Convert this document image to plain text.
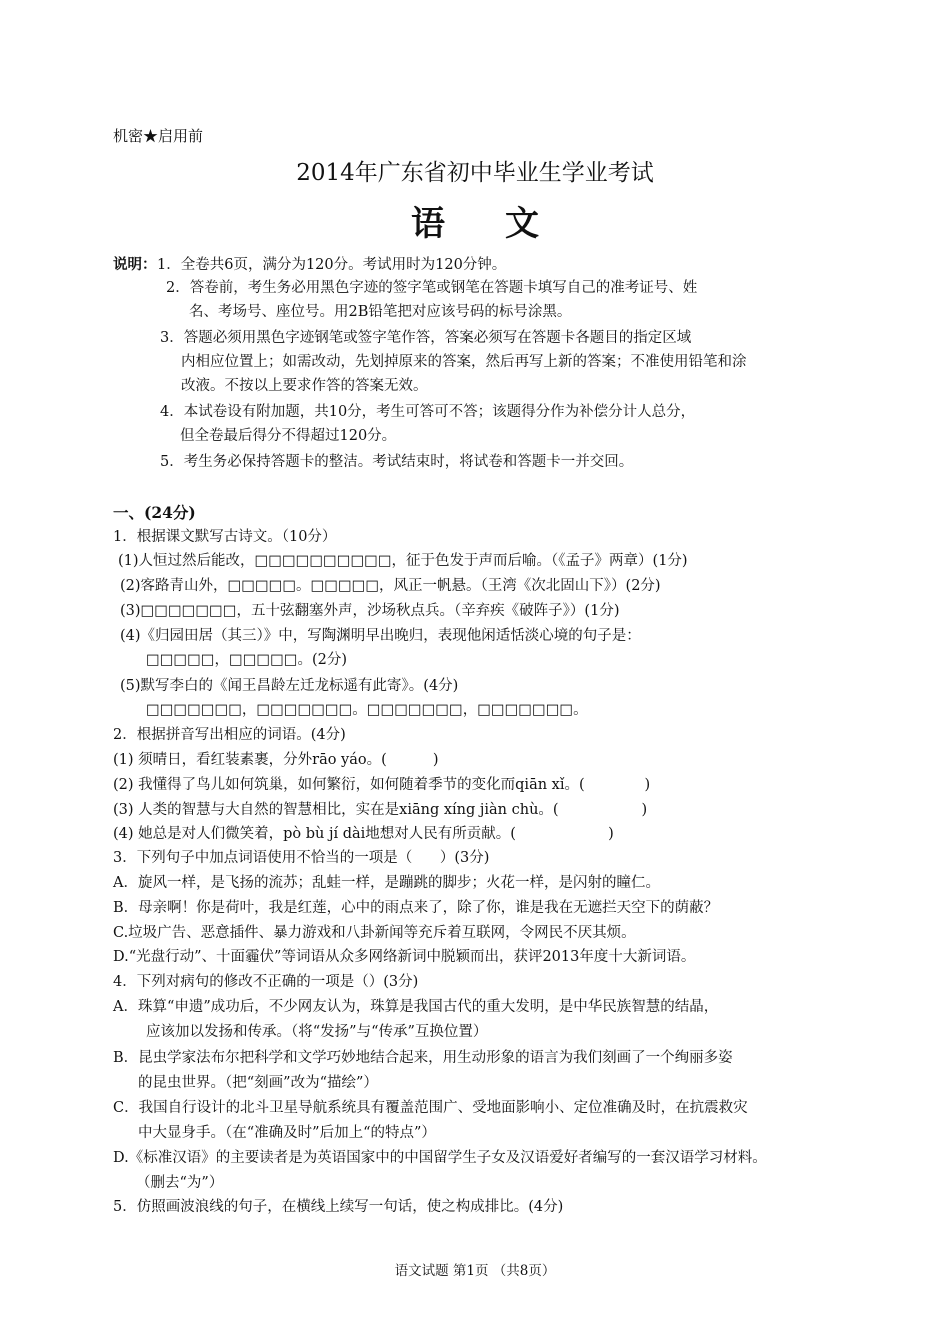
机密★启用前
2014年广东省初中毕业生学业考试
语文
说明： 1．全卷共6页，满分为120分。考试用时为120分钟。
2．答卷前，考生务必用黑色字迹的签字笔或钢笔在答题卡填写自己的准考证号、姓
名、考场号、座位号。用2B铅笔把对应该号码的标号涂黑。
3．答题必须用黑色字迹钢笔或签字笔作答，答案必须写在答题卡各题目的指定区域
内相应位置上；如需改动，先划掉原来的答案，然后再写上新的答案；不准使用铅笔和涂
改液。不按以上要求作答的答案无效。
4．本试卷设有附加题，共10分，考生可答可不答；该题得分作为补偿分计人总分，
但全卷最后得分不得超过120分。
5．考生务必保持答题卡的整洁。考试结束时，将试卷和答题卡一并交回。
一、(24分)
1．根据课文默写古诗文。（10分）
(1)人恒过然后能改，□□□□□□□□□□，征于色发于声而后喻。（《孟子》两章）(1分)
(2)客路青山外，□□□□□。□□□□□，风正一帆悬。（王湾《次北固山下》）(2分)
(3)□□□□□□□，五十弦翻塞外声，沙场秋点兵。（辛弃疾《破阵子》）(1分)
(4)《归园田居（其三）》中，写陶渊明早出晚归，表现他闲适恬淡心境的句子是：
□□□□□，□□□□□。(2分)
(5)默写李白的《闻王昌龄左迁龙标遥有此寄》。(4分)
□□□□□□□，□□□□□□□。□□□□□□□，□□□□□□□。
2．根据拼音写出相应的词语。(4分)
(1) 须晴日，看红装素裹，分外rāo yáo。(          )
(2) 我懂得了鸟儿如何筑巢，如何繁衍，如何随着季节的变化而qiān xǐ。(             )
(3) 人类的智慧与大自然的智慧相比，实在是xiāng xíng jiàn chù。(                  )
(4) 她总是对人们微笑着，pò bù jí dài地想对人民有所贡献。(                    )
3．下列句子中加点词语使用不恰当的一项是（      ）(3分)
A．旋风一样，是飞扬的流苏；乱蛙一样，是蹦跳的脚步；火花一样，是闪射的瞳仁。
B．母亲啊！你是荷叶，我是红莲，心中的雨点来了，除了你，谁是我在无遮拦天空下的荫蔽？
C.垃圾广告、恶意插件、暴力游戏和八卦新闻等充斥着互联网，令网民不厌其烦。
D.“光盘行动”、十面霾伏”等词语从众多网络新词中脱颖而出，获评2013年度十大新词语。
4．下列对病句的修改不正确的一项是（）(3分)
A．珠算“申遗”成功后，不少网友认为，珠算是我国古代的重大发明，是中华民族智慧的结晶，
应该加以发扬和传承。（将“发扬”与“传承”互换位置）
B．昆虫学家法布尔把科学和文学巧妙地结合起来，用生动形象的语言为我们刻画了一个绚丽多姿
的昆虫世界。（把“刻画”改为“描绘”）
C．我国自行设计的北斗卫星导航系统具有覆盖范围广、受地面影响小、定位准确及时，在抗震救灾
中大显身手。（在“准确及时”后加上“的特点”）
D.《标准汉语》的主要读者是为英语国家中的中国留学生子女及汉语爱好者编写的一套汉语学习材料。
（删去“为”）
5．仿照画波浪线的句子，在横线上续写一句话，使之构成排比。(4分)
语文试题 第1页 （共8页）
